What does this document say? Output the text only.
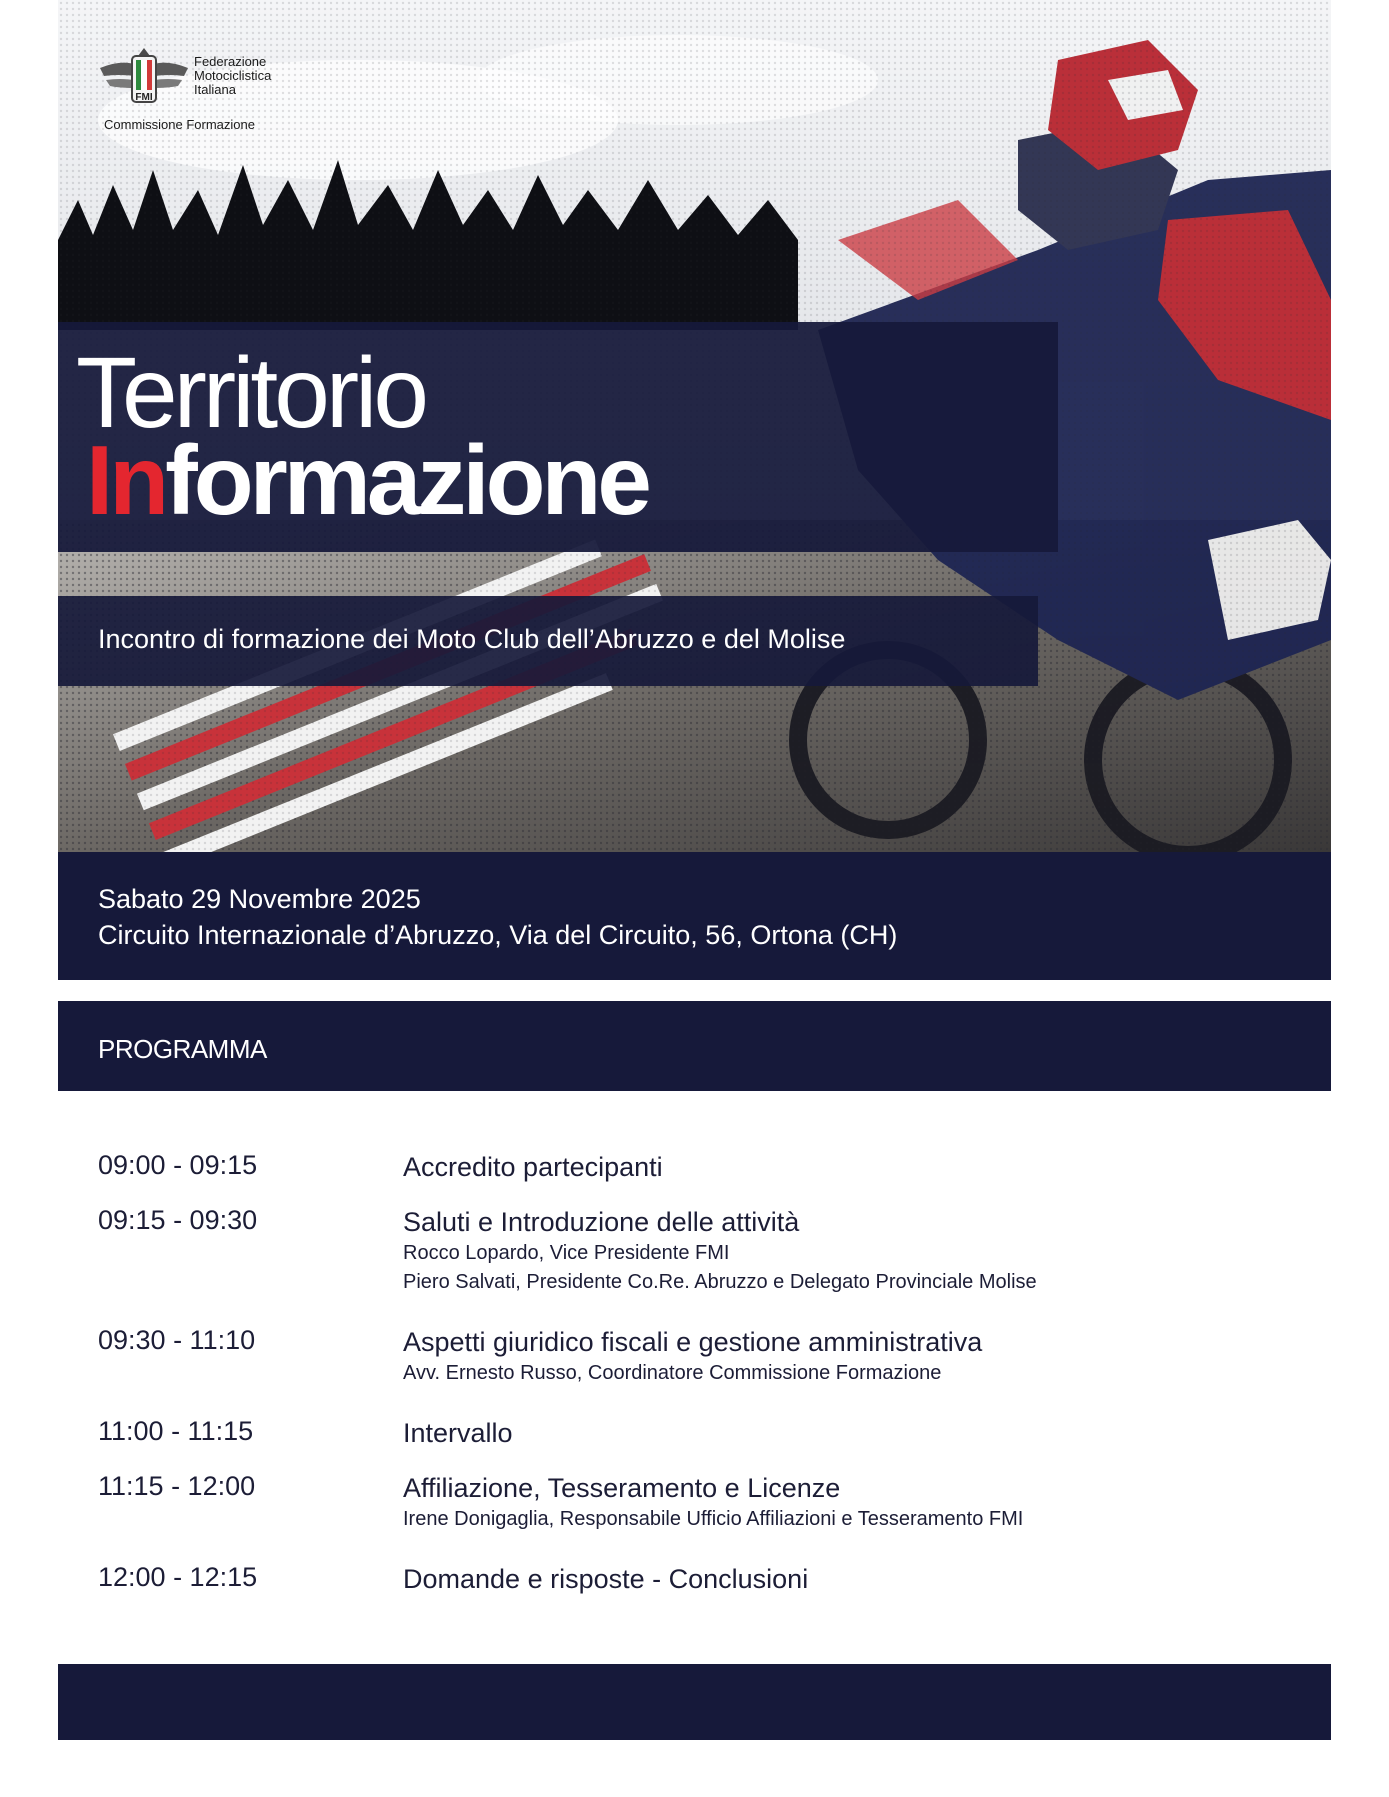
FMI
Federazione
Motociclistica
Italiana
Commissione Formazione
Territorio
Informazione
Incontro di formazione dei Moto Club dell’Abruzzo e del Molise
Sabato 29 Novembre 2025
Circuito Internazionale d’Abruzzo, Via del Circuito, 56, Ortona (CH)
PROGRAMMA
09:00 - 09:15	Accredito partecipanti
09:15 - 09:30	Saluti e Introduzione delle attività
Rocco Lopardo, Vice Presidente FMI
Piero Salvati, Presidente Co.Re. Abruzzo e Delegato Provinciale Molise
09:30 - 11:10	Aspetti giuridico fiscali e gestione amministrativa
Avv. Ernesto Russo, Coordinatore Commissione Formazione
11:00 - 11:15	Intervallo
11:15 - 12:00	Affiliazione, Tesseramento e Licenze
Irene Donigaglia, Responsabile Ufficio Affiliazioni e Tesseramento FMI
12:00 - 12:15	Domande e risposte - Conclusioni
